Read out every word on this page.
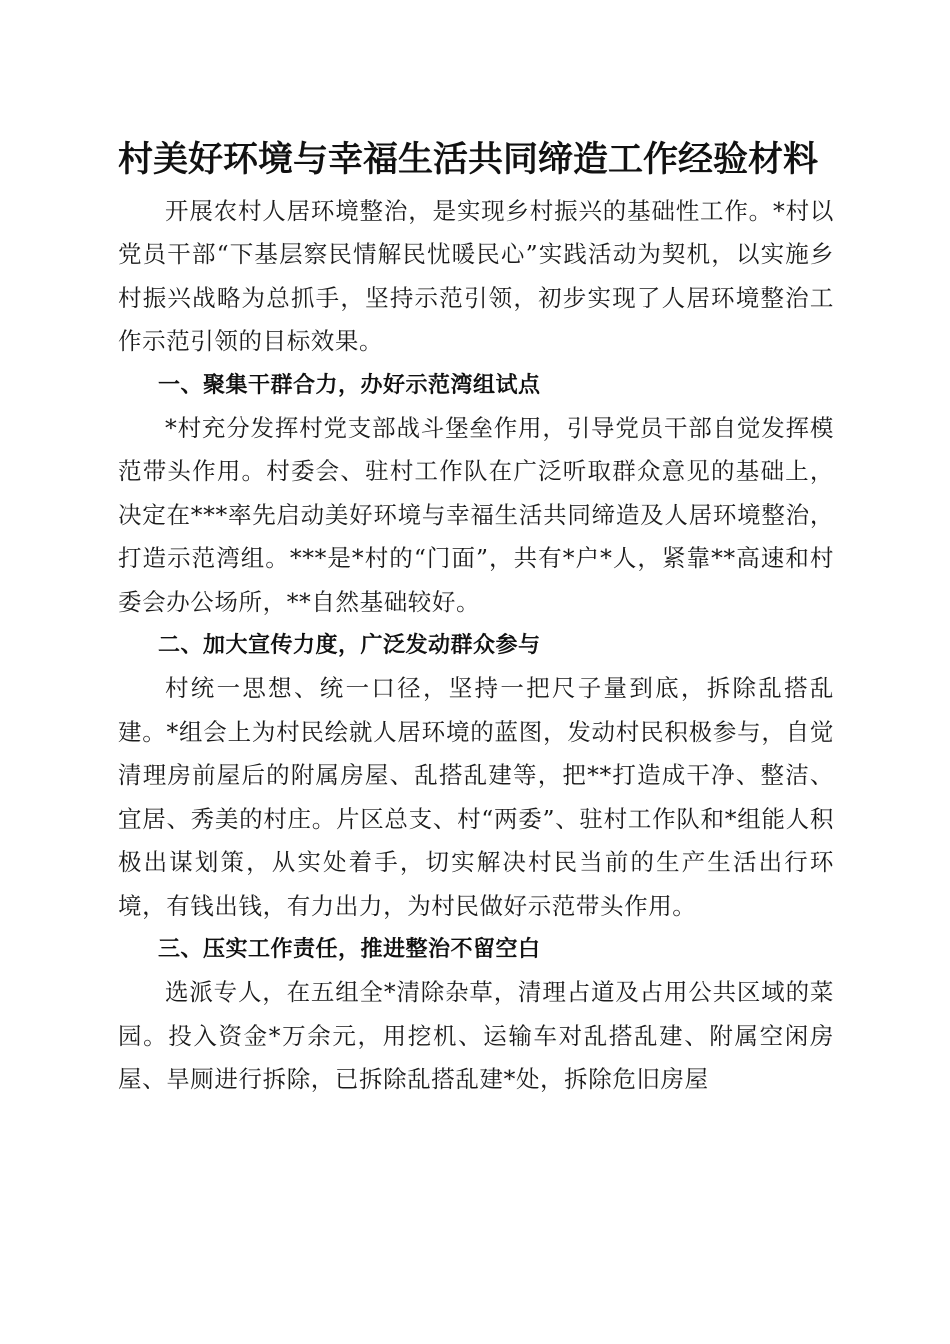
村美好环境与幸福生活共同缔造工作经验材料

开展农村人居环境整治，是实现乡村振兴的基础性工作。*村以党员干部“下基层察民情解民忧暖民心”实践活动为契机，以实施乡村振兴战略为总抓手，坚持示范引领，初步实现了人居环境整治工作示范引领的目标效果。

一、聚集干群合力，办好示范湾组试点

*村充分发挥村党支部战斗堡垒作用，引导党员干部自觉发挥模范带头作用。村委会、驻村工作队在广泛听取群众意见的基础上，决定在***率先启动美好环境与幸福生活共同缔造及人居环境整治，打造示范湾组。***是*村的“门面”，共有*户*人，紧靠**高速和村委会办公场所，**自然基础较好。

二、加大宣传力度，广泛发动群众参与

村统一思想、统一口径，坚持一把尺子量到底，拆除乱搭乱建。*组会上为村民绘就人居环境的蓝图，发动村民积极参与，自觉清理房前屋后的附属房屋、乱搭乱建等，把**打造成干净、整洁、宜居、秀美的村庄。片区总支、村“两委”、驻村工作队和*组能人积极出谋划策，从实处着手，切实解决村民当前的生产生活出行环境，有钱出钱，有力出力，为村民做好示范带头作用。

三、压实工作责任，推进整治不留空白

选派专人，在五组全*清除杂草，清理占道及占用公共区域的菜园。投入资金*万余元，用挖机、运输车对乱搭乱建、附属空闲房屋、旱厕进行拆除，已拆除乱搭乱建*处，拆除危旧房屋
